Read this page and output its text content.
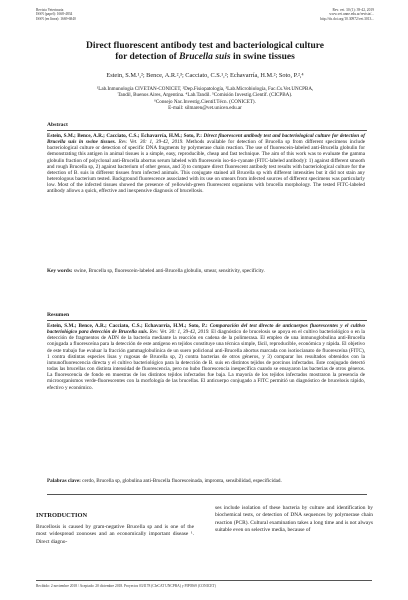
Revista Veterinaria
ISSN (papel): 1668-4834
ISSN (en línea): 1669-6840
Rev. vet. 30 (1): 39-42, 2019
www.vet.unne.edu.ar/revista/...
http://dx.doi.org/10.30972/vet.3013...
Direct fluorescent antibody test and bacteriological culture
for detection of Brucella suis in swine tissues
Estein, S.M.¹,²; Bence, A.R.²,³; Cacciato, C.S.¹,²; Echavarría, H.M.²; Soto, P.²,⁴
¹Lab.Inmunología CIVETAN-CONICET, ²Dep.Fisiopatología, ³Lab.Microbiología, Fac.Cs.Vet.UNCPBA,
Tandil, Buenos Aires, Argentina. ⁴Lab.Tandil. ⁵Comisión Investig.Científ. (CICPBA).
⁶Consejo Nac.Investig.Científ.Técn. (CONICET).
E-mail: silmaren@vet.unicen.edu.ar
Abstract
Estein, S.M.; Bence, A.R.; Cacciato, C.S.; Echavarría, H.M.; Soto, P.: Direct fluorescent antibody test and bacteriological culture for detection of Brucella suis in swine tissues. Rev. Vet. 30: 1, 39-42, 2019. Methods available for detection of Brucella sp from different specimens include bacteriological culture or detection of specific DNA fragments by polymerase chain reaction. The use of fluorescein-labeled anti-Brucella globulin for demonstrating this antigen in animal tissues is a simple, easy, reproducible, cheap and fast technique. The aim of this work was to evaluate the gamma globulin fraction of polyclonal anti-Brucella abortus serum labeled with fluorescein iso-tio-cyanate (FITC-labeled antibody): 1) against different smooth and rough Brucella sp, 2) against bacterium of other genus, and 3) to compare direct fluorescent antibody test results with bacteriological culture for the detection of B. suis in different tissues from infected animals. This conjugate stained all Brucella sp with different intensities but it did not stain any heterologous bacterium tested. Background fluorescence associated with its use on smears from infected sources of different specimens was particularly low. Most of the infected tissues showed the presence of yellowish-green fluorescent organisms with brucella morphology. The tested FITC-labeled antibody allows a quick, effective and inexpensive diagnosis of brucellosis.
Key words: swine, Brucella sp, fluorescein-labeled anti-Brucella globulin, smear, sensitivity, specificity.
Resumen
Estein, S.M.; Bence, A.R.; Cacciato, C.S.; Echavarría, H.M.; Soto, P.: Comparación del test directo de anticuerpos fluorescentes y el cultivo bacteriológico para detección de Brucella suis. Rev. Vet. 30: 1, 39-42, 2019. El diagnóstico de brucelosis se apoya en el cultivo bacteriológico o en la detección de fragmentos de ADN de la bacteria mediante la reacción en cadena de la polimerasa. El empleo de una inmunoglobulina anti-Brucella conjugada a fluoresceína para la detección de este antígeno en tejidos constituye una técnica simple, fácil, reproducible, económica y rápida. El objetivo de este trabajo fue evaluar la fracción gammaglobulínica de un suero policlonal anti-Brucella abortus marcada con isotiocianato de fluoresceína (FITC), 1 contra distintas especies lisas y rugosas de Brucella sp, 2) contra bacterias de otros géneros, y 3) comparar los resultados obtenidos con la inmunofluorescencia directa y el cultivo bacteriológico para la detección de B. suis en distintos tejidos de porcinos infectados. Este conjugado detectó todas las brucellas con distinta intensidad de fluorescencia, pero no hubo fluorescencia inespecífica cuando se ensayaron las bacterias de otros géneros. La fluorescencia de fondo en muestras de los distintos tejidos infectados fue baja. La mayoría de los tejidos infectados mostraron la presencia de microorganismos verde-fluorescentes con la morfología de las brucellas. El anticuerpo conjugado a FITC permitió un diagnóstico de brucelosis rápido, efectivo y económico.
Palabras clave: cerdo, Brucella sp, globulina anti-Brucella fluoresceinada, impronta, sensibilidad, especificidad.
INTRODUCTION
Brucellosis is caused by gram-negative Brucella sp and is one of the most widespread zoonoses and an economically important disease ¹. Direct diagno-
ses include isolation of these bacteria by culture and identification by biochemical tests, or detection of DNA sequences by polymerase chain reaction (PCR). Cultural examination takes a long time and is not always suitable even on selective media, because of
Recibido: 2 noviembre 2018 / Aceptado: 20 diciembre 2018. Proyectos 03/I178 (CIeCAT UNCPBA) y PIP0569 (CONICET)
